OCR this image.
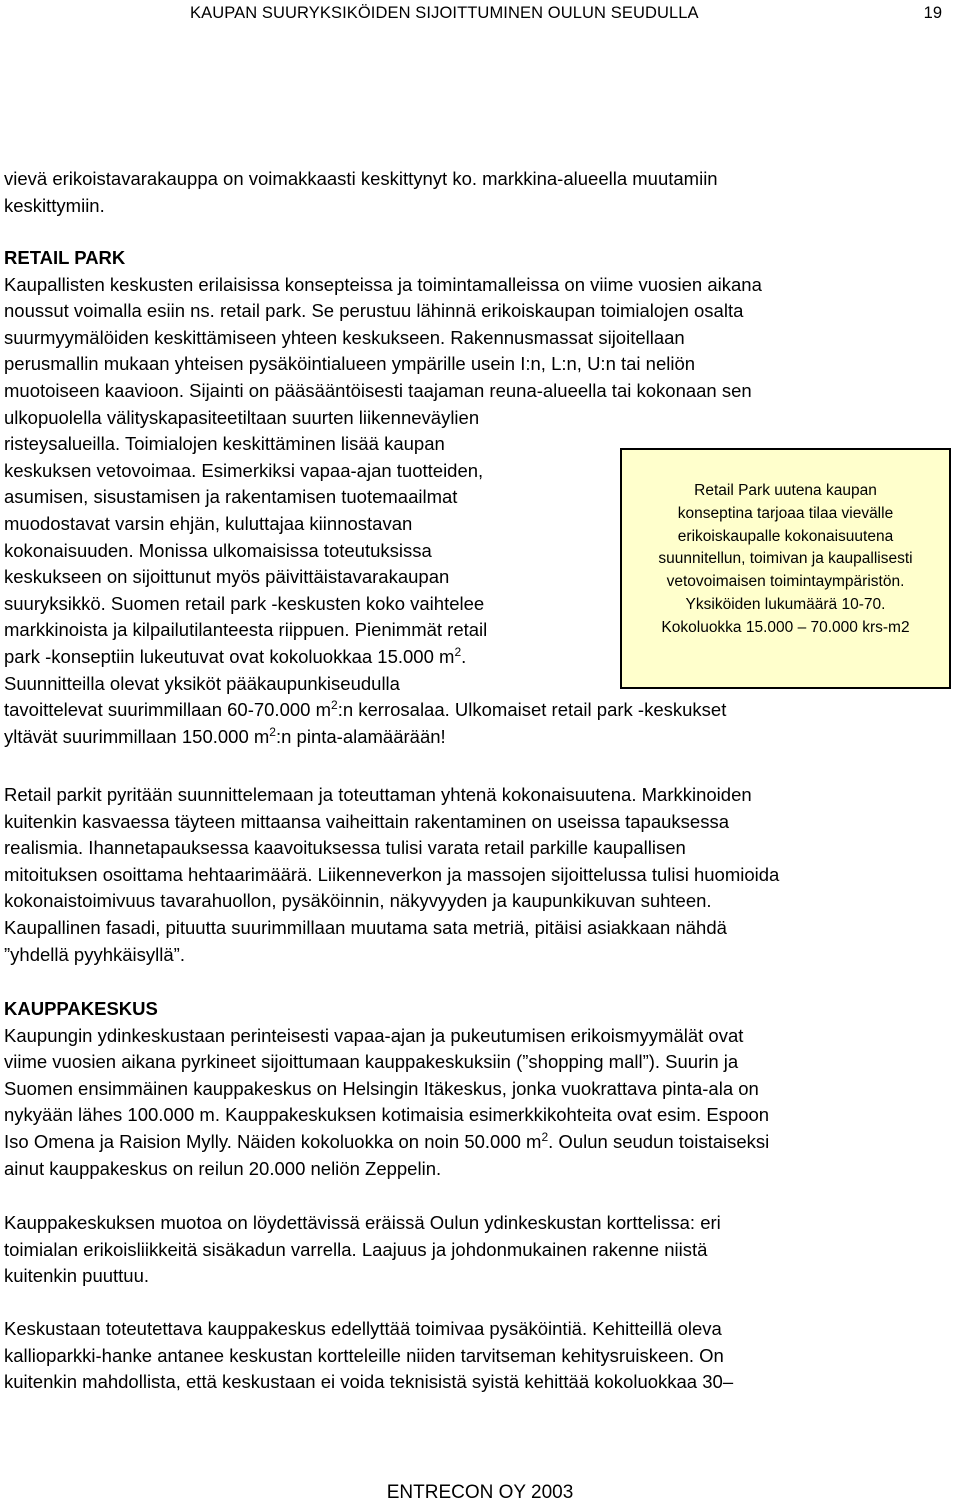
KAUPAN SUURYKSIKÖIDEN SIJOITTUMINEN OULUN SEUDULLA	19

vievä erikoistavarakauppa on voimakkaasti keskittynyt ko. markkina-alueella muutamiin
keskittymiin.

RETAIL PARK
Kaupallisten keskusten erilaisissa konsepteissa ja toimintamalleissa on viime vuosien aikana
noussut voimalla esiin ns. retail park. Se perustuu lähinnä erikoiskaupan toimialojen osalta
suurmyymälöiden keskittämiseen yhteen keskukseen. Rakennusmassat sijoitellaan
perusmallin mukaan yhteisen pysäköintialueen ympärille usein I:n, L:n, U:n tai neliön
muotoiseen kaavioon. Sijainti on pääsääntöisesti taajaman reuna-alueella tai kokonaan sen
ulkopuolella välityskapasiteetiltaan suurten liikenneväylien
risteysalueilla. Toimialojen keskittäminen lisää kaupan
keskuksen vetovoimaa. Esimerkiksi vapaa-ajan tuotteiden,
asumisen, sisustamisen ja rakentamisen tuotemaailmat
muodostavat varsin ehjän, kuluttajaa kiinnostavan
kokonaisuuden. Monissa ulkomaisissa toteutuksissa
keskukseen on sijoittunut myös päivittäistavarakaupan
suuryksikkö. Suomen retail park -keskusten koko vaihtelee
markkinoista ja kilpailutilanteesta riippuen. Pienimmät retail
park -konseptiin lukeutuvat ovat kokoluokkaa 15.000 $m^2$.
Suunnitteilla olevat yksiköt pääkaupunkiseudulla
tavoittelevat suurimmillaan 60-70.000 $m^2:n$ kerrosalaa. Ulkomaiset retail park -keskukset
yltävät suurimmillaan 150.000 $m^2:n$ pinta-alamäärään!
Retail Park uutena kaupan
konseptina tarjoaa tilaa vievälle
erikoiskaupalle kokonaisuutena
suunnitellun, toimivan ja kaupallisesti
vetovoimaisen toimintaympäristön.
Yksiköiden lukumäärä 10-70.
Kokoluokka 15.000 – 70.000 krs-m2

Retail parkit pyritään suunnittelemaan ja toteuttaman yhtenä kokonaisuutena. Markkinoiden
kuitenkin kasvaessa täyteen mittaansa vaiheittain rakentaminen on useissa tapauksessa
realismia. Ihannetapauksessa kaavoituksessa tulisi varata retail parkille kaupallisen
mitoituksen osoittama hehtaarimäärä. Liikenneverkon ja massojen sijoittelussa tulisi huomioida
kokonaistoimivuus tavarahuollon, pysäköinnin, näkyvyyden ja kaupunkikuvan suhteen.
Kaupallinen fasadi, pituutta suurimmillaan muutama sata metriä, pitäisi asiakkaan nähdä
”yhdellä pyyhkäisyllä”.

KAUPPAKESKUS
Kaupungin ydinkeskustaan perinteisesti vapaa-ajan ja pukeutumisen erikoismyymälät ovat
viime vuosien aikana pyrkineet sijoittumaan kauppakeskuksiin (”shopping mall”). Suurin ja
Suomen ensimmäinen kauppakeskus on Helsingin Itäkeskus, jonka vuokrattava pinta-ala on
nykyään lähes 100.000 m. Kauppakeskuksen kotimaisia esimerkkikohteita ovat esim. Espoon
Iso Omena ja Raision Mylly. Näiden kokoluokka on noin 50.000 $m^2$. Oulun seudun toistaiseksi
ainut kauppakeskus on reilun 20.000 neliön Zeppelin.

Kauppakeskuksen muotoa on löydettävissä eräissä Oulun ydinkeskustan korttelissa: eri
toimialan erikoisliikkeitä sisäkadun varrella. Laajuus ja johdonmukainen rakenne niistä
kuitenkin puuttuu.

Keskustaan toteutettava kauppakeskus edellyttää toimivaa pysäköintiä. Kehitteillä oleva
kallioparkki-hanke antanee keskustan kortteleille niiden tarvitseman kehitysruiskeen. On
kuitenkin mahdollista, että keskustaan ei voida teknisistä syistä kehittää kokoluokkaa 30–

ENTRECON OY 2003
